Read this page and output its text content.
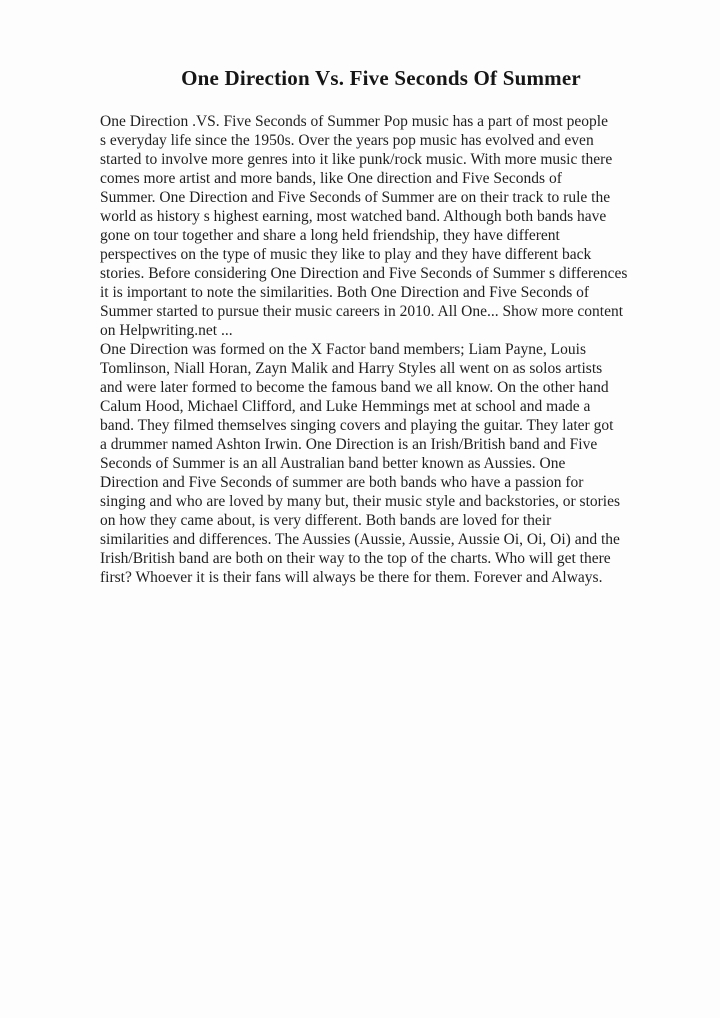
One Direction Vs. Five Seconds Of Summer
One Direction .VS. Five Seconds of Summer Pop music has a part of most people
s everyday life since the 1950s. Over the years pop music has evolved and even
started to involve more genres into it like punk/rock music. With more music there
comes more artist and more bands, like One direction and Five Seconds of
Summer. One Direction and Five Seconds of Summer are on their track to rule the
world as history s highest earning, most watched band. Although both bands have
gone on tour together and share a long held friendship, they have different
perspectives on the type of music they like to play and they have different back
stories. Before considering One Direction and Five Seconds of Summer s differences
it is important to note the similarities. Both One Direction and Five Seconds of
Summer started to pursue their music careers in 2010. All One... Show more content
on Helpwriting.net ...
One Direction was formed on the X Factor band members; Liam Payne, Louis
Tomlinson, Niall Horan, Zayn Malik and Harry Styles all went on as solos artists
and were later formed to become the famous band we all know. On the other hand
Calum Hood, Michael Clifford, and Luke Hemmings met at school and made a
band. They filmed themselves singing covers and playing the guitar. They later got
a drummer named Ashton Irwin. One Direction is an Irish/British band and Five
Seconds of Summer is an all Australian band better known as Aussies. One
Direction and Five Seconds of summer are both bands who have a passion for
singing and who are loved by many but, their music style and backstories, or stories
on how they came about, is very different. Both bands are loved for their
similarities and differences. The Aussies (Aussie, Aussie, Aussie Oi, Oi, Oi) and the
Irish/British band are both on their way to the top of the charts. Who will get there
first? Whoever it is their fans will always be there for them. Forever and Always.
